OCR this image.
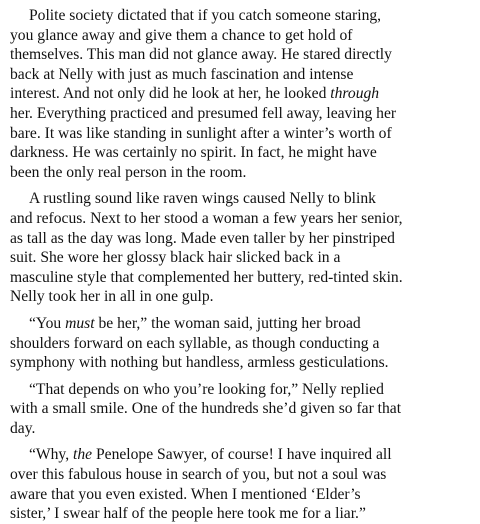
Polite society dictated that if you catch someone staring,
you glance away and give them a chance to get hold of
themselves. This man did not glance away. He stared directly
back at Nelly with just as much fascination and intense
interest. And not only did he look at her, he looked through
her. Everything practiced and presumed fell away, leaving her
bare. It was like standing in sunlight after a winter’s worth of
darkness. He was certainly no spirit. In fact, he might have
been the only real person in the room.

A rustling sound like raven wings caused Nelly to blink
and refocus. Next to her stood a woman a few years her senior,
as tall as the day was long. Made even taller by her pinstriped
suit. She wore her glossy black hair slicked back in a
masculine style that complemented her buttery, red-tinted skin.
Nelly took her in all in one gulp.

“You must be her,” the woman said, jutting her broad
shoulders forward on each syllable, as though conducting a
symphony with nothing but handless, armless gesticulations.

“That depends on who you’re looking for,” Nelly replied
with a small smile. One of the hundreds she’d given so far that
day.

“Why, the Penelope Sawyer, of course! I have inquired all
over this fabulous house in search of you, but not a soul was
aware that you even existed. When I mentioned ‘Elder’s
sister,’ I swear half of the people here took me for a liar.”
